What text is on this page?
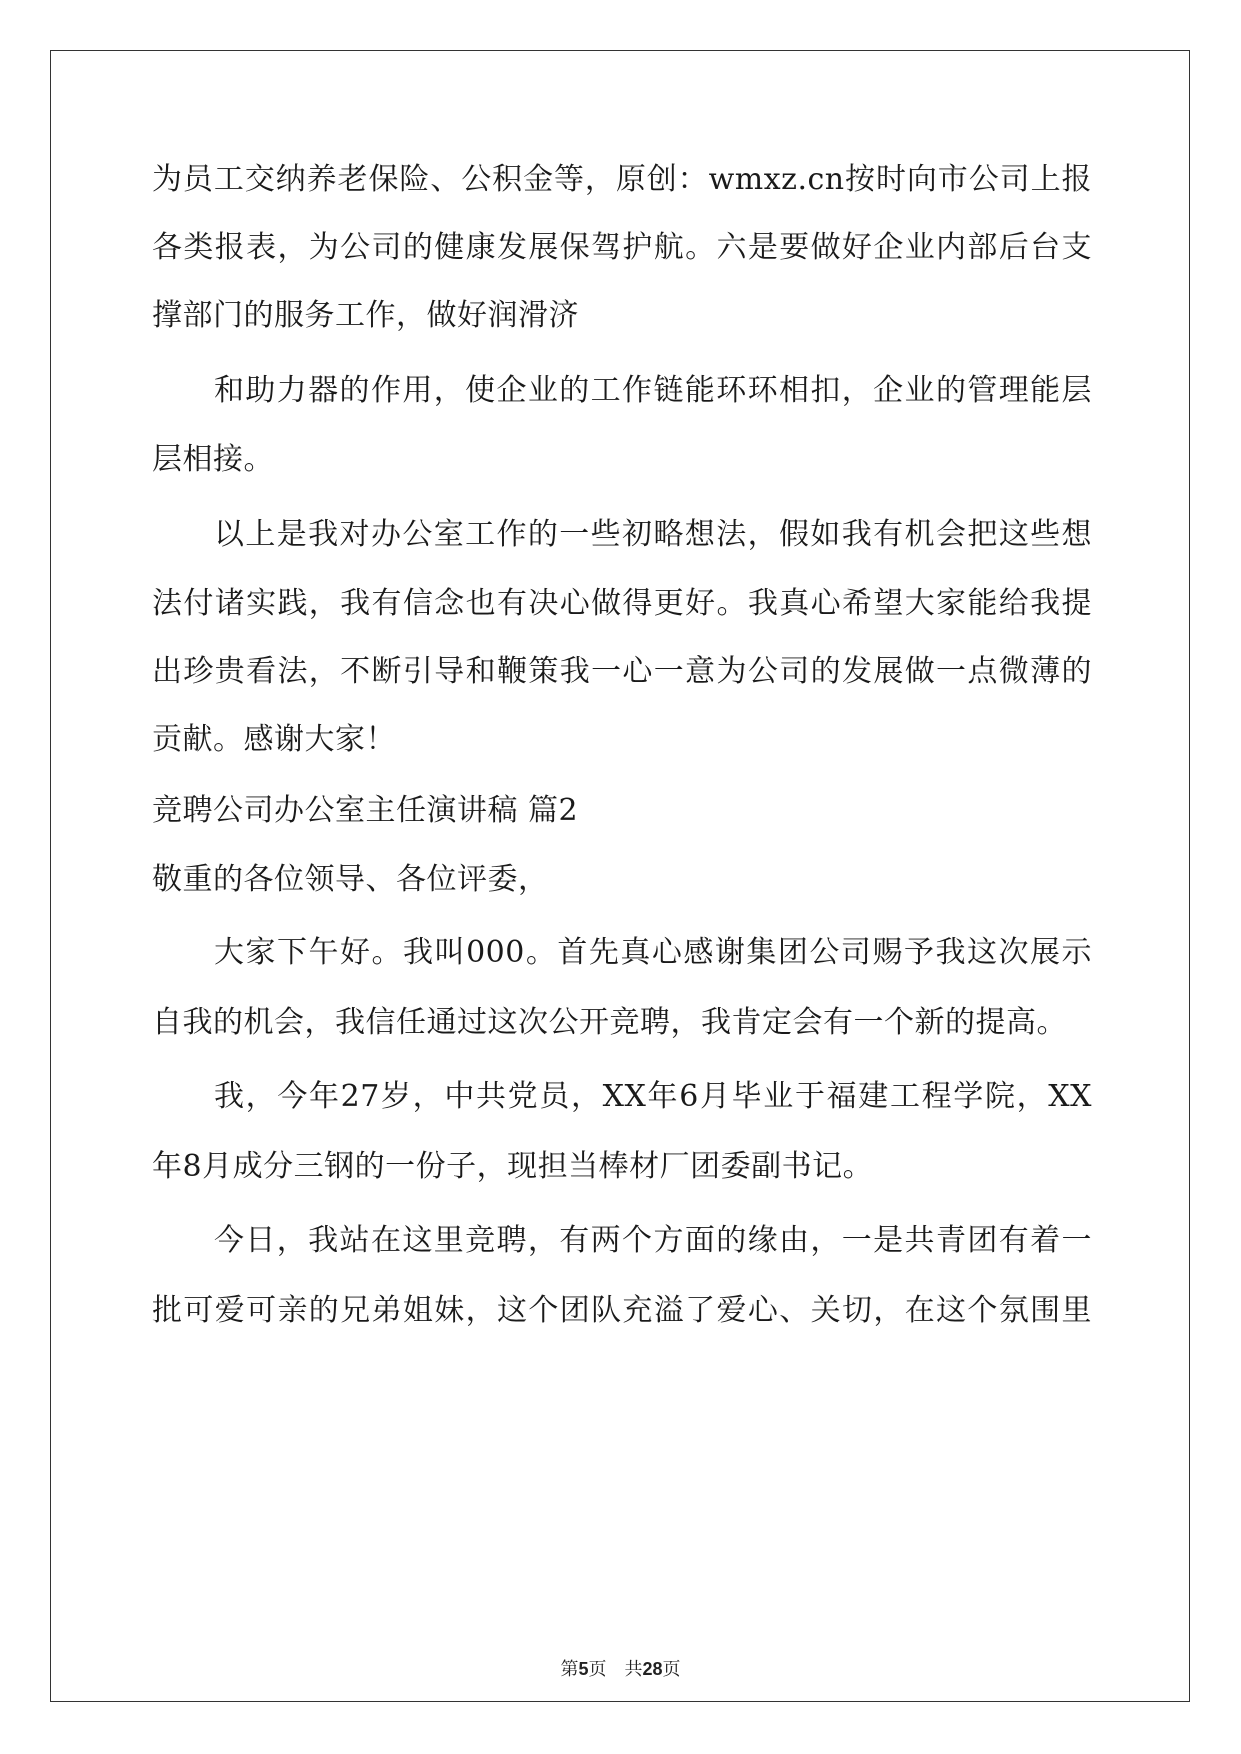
为员工交纳养老保险、公积金等，原创：wmxz.cn按时向市公司上报
各类报表，为公司的健康发展保驾护航。六是要做好企业内部后台支
撑部门的服务工作，做好润滑济
和助力器的作用，使企业的工作链能环环相扣，企业的管理能层
层相接。
以上是我对办公室工作的一些初略想法，假如我有机会把这些想
法付诸实践，我有信念也有决心做得更好。我真心希望大家能给我提
出珍贵看法，不断引导和鞭策我一心一意为公司的发展做一点微薄的
贡献。感谢大家！
竞聘公司办公室主任演讲稿 篇2
敬重的各位领导、各位评委，
大家下午好。我叫000。首先真心感谢集团公司赐予我这次展示
自我的机会，我信任通过这次公开竞聘，我肯定会有一个新的提高。
我，今年27岁，中共党员，XX年6月毕业于福建工程学院，XX
年8月成分三钢的一份子，现担当棒材厂团委副书记。
今日，我站在这里竞聘，有两个方面的缘由，一是共青团有着一
批可爱可亲的兄弟姐妹，这个团队充溢了爱心、关切，在这个氛围里
第5页　共28页
